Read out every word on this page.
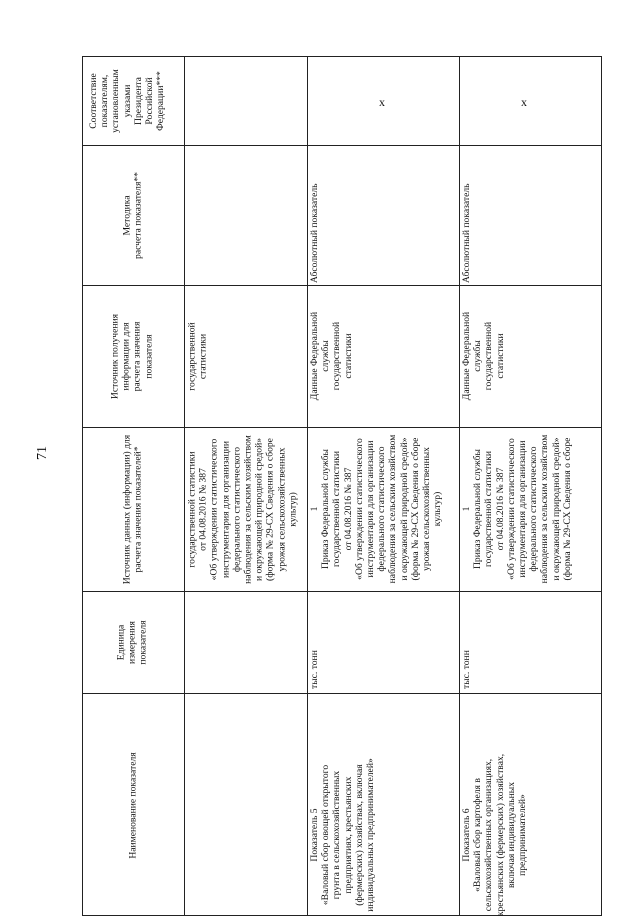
71
Соответствие
показателям,
установленным
указами
Президента
Российской
Федерации***
Методика
расчета показателя**
Источник получения
информации для
расчета значения
показателя
Источник данных (информации) для
расчета значения показателей*
Единица
измерения
показателя
Наименование показателя
государственной
статистики
государственной статистики
от 04.08.2016 № 387
«Об утверждении статистического
инструментария для организации
федерального статистического
наблюдения за сельским хозяйством
и окружающей природной средой»
(форма № 29-СХ Сведения о сборе
урожая сельскохозяйственных
культур)
x
Абсолютный показатель
Данные Федеральной
службы
государственной
статистики
1
Приказ Федеральной службы
государственной статистики
от 04.08.2016 № 387
«Об утверждении статистического
инструментария для организации
федерального статистического
наблюдения за сельским хозяйством
и окружающей природной средой»
(форма № 29-СХ Сведения о сборе
урожая сельскохозяйственных
культур)
тыс. тонн
Показатель 5
«Валовый сбор овощей открытого
грунта в сельскохозяйственных
предприятиях, крестьянских
(фермерских) хозяйствах, включая
индивидуальных предпринимателей»
x
Абсолютный показатель
Данные Федеральной
службы
государственной
статистики
1
Приказ Федеральной службы
государственной статистики
от 04.08.2016 № 387
«Об утверждении статистического
инструментария для организации
федерального статистического
наблюдения за сельским хозяйством
и окружающей природной средой»
(форма № 29-СХ Сведения о сборе
тыс. тонн
Показатель 6
«Валовый сбор картофеля в
сельскохозяйственных организациях,
крестьянских (фермерских) хозяйствах,
включая индивидуальных
предпринимателей»
